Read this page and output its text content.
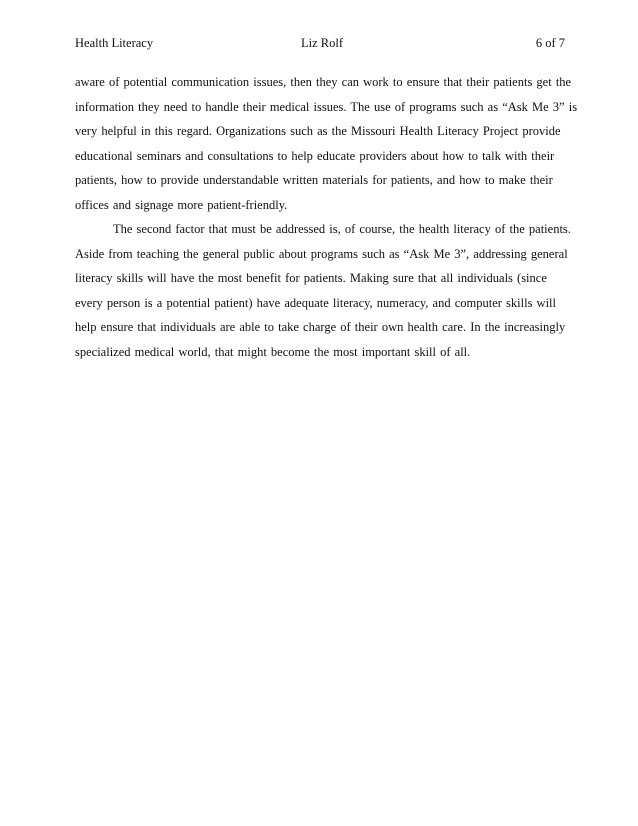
Health Literacy	Liz Rolf	6 of 7
aware of potential communication issues, then they can work to ensure that their patients get the
information they need to handle their medical issues. The use of programs such as “Ask Me 3” is
very helpful in this regard. Organizations such as the Missouri Health Literacy Project provide
educational seminars and consultations to help educate providers about how to talk with their
patients, how to provide understandable written materials for patients, and how to make their
offices and signage more patient-friendly.
The second factor that must be addressed is, of course, the health literacy of the patients.
Aside from teaching the general public about programs such as “Ask Me 3”, addressing general
literacy skills will have the most benefit for patients. Making sure that all individuals (since
every person is a potential patient) have adequate literacy, numeracy, and computer skills will
help ensure that individuals are able to take charge of their own health care. In the increasingly
specialized medical world, that might become the most important skill of all.
